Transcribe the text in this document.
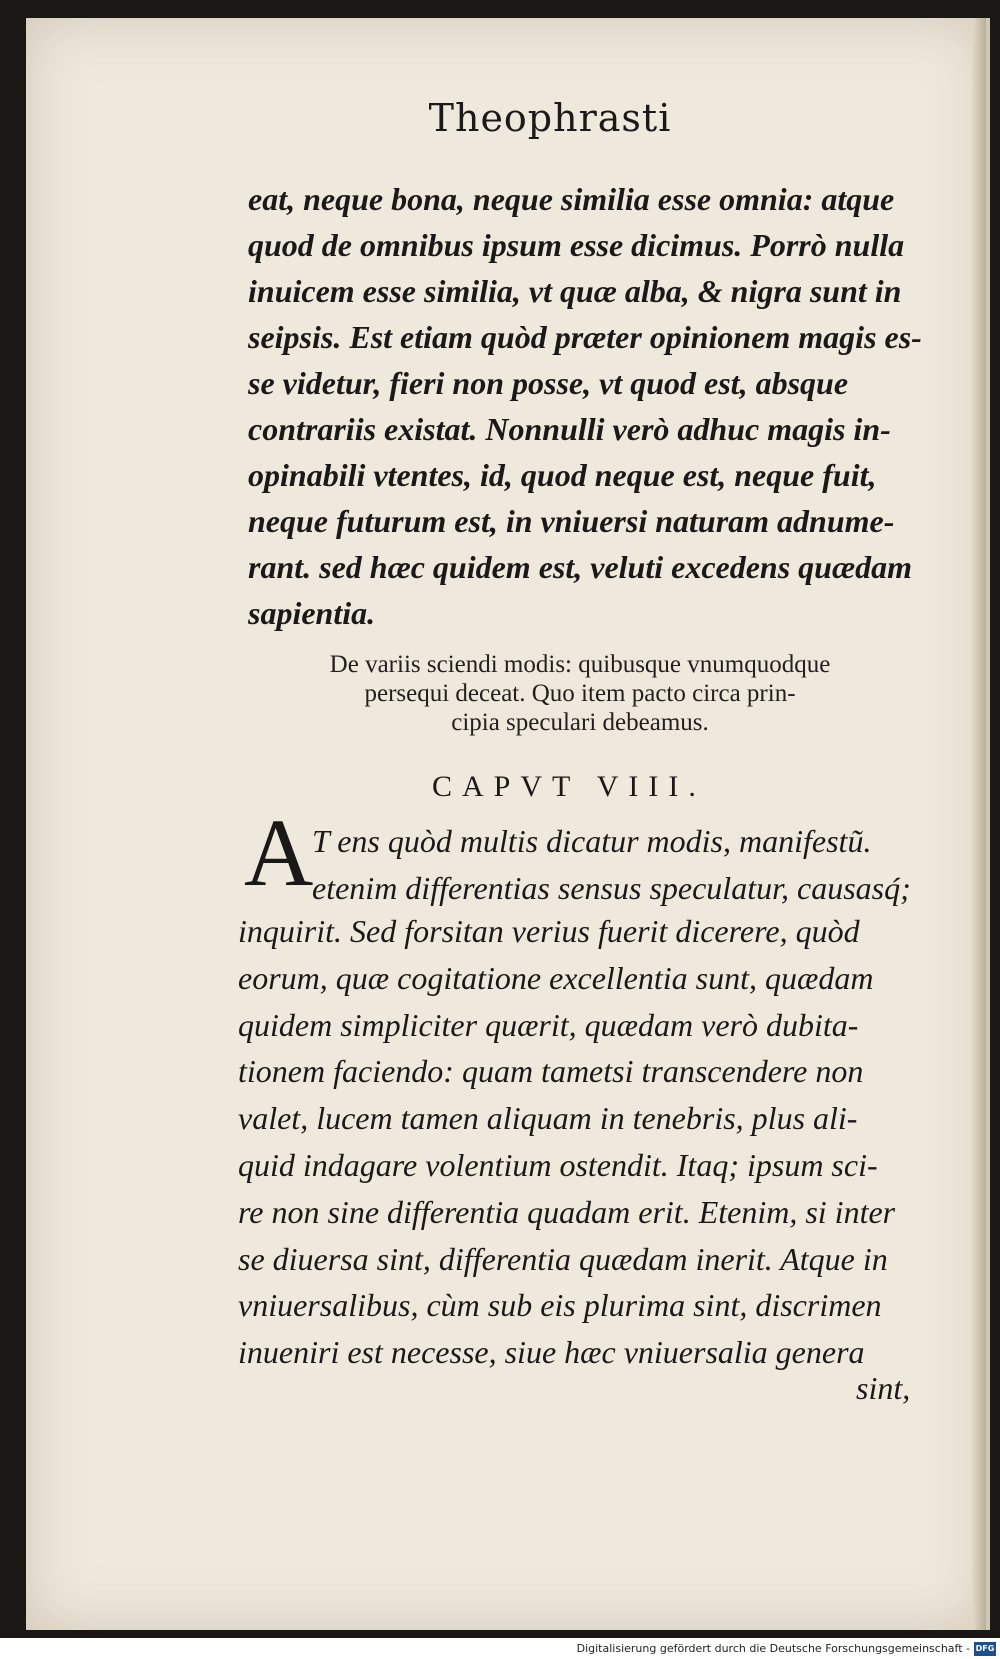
Theophrasti
eat, neque bona, neque similia esse omnia: atque
quod de omnibus ipsum esse dicimus. Porrò nulla
inuicem esse similia, vt quæ alba, & nigra sunt in
seipsis. Est etiam quòd præter opinionem magis es-
se videtur, fieri non posse, vt quod est, absque
contrariis existat. Nonnulli verò adhuc magis in-
opinabili vtentes, id, quod neque est, neque fuit,
neque futurum est, in vniuersi naturam adnume-
rant. sed hæc quidem est, veluti excedens quædam
sapientia.
De variis sciendi modis: quibusque vnumquodque
persequi deceat. Quo item pacto circa prin-
cipia speculari debeamus.
CAPVT VIII.
A
T ens quòd multis dicatur modis, manifestũ.
etenim differentias sensus speculatur, causasq́;
inquirit. Sed forsitan verius fuerit dicerere, quòd
eorum, quæ cogitatione excellentia sunt, quædam
quidem simpliciter quærit, quædam verò dubita-
tionem faciendo: quam tametsi transcendere non
valet, lucem tamen aliquam in tenebris, plus ali-
quid indagare volentium ostendit. Itaq; ipsum sci-
re non sine differentia quadam erit. Etenim, si inter
se diuersa sint, differentia quædam inerit. Atque in
vniuersalibus, cùm sub eis plurima sint, discrimen
inueniri est necesse, siue hæc vniuersalia genera
sint,
Digitalisierung gefördert durch die Deutsche Forschungsgemeinschaft - DFG
